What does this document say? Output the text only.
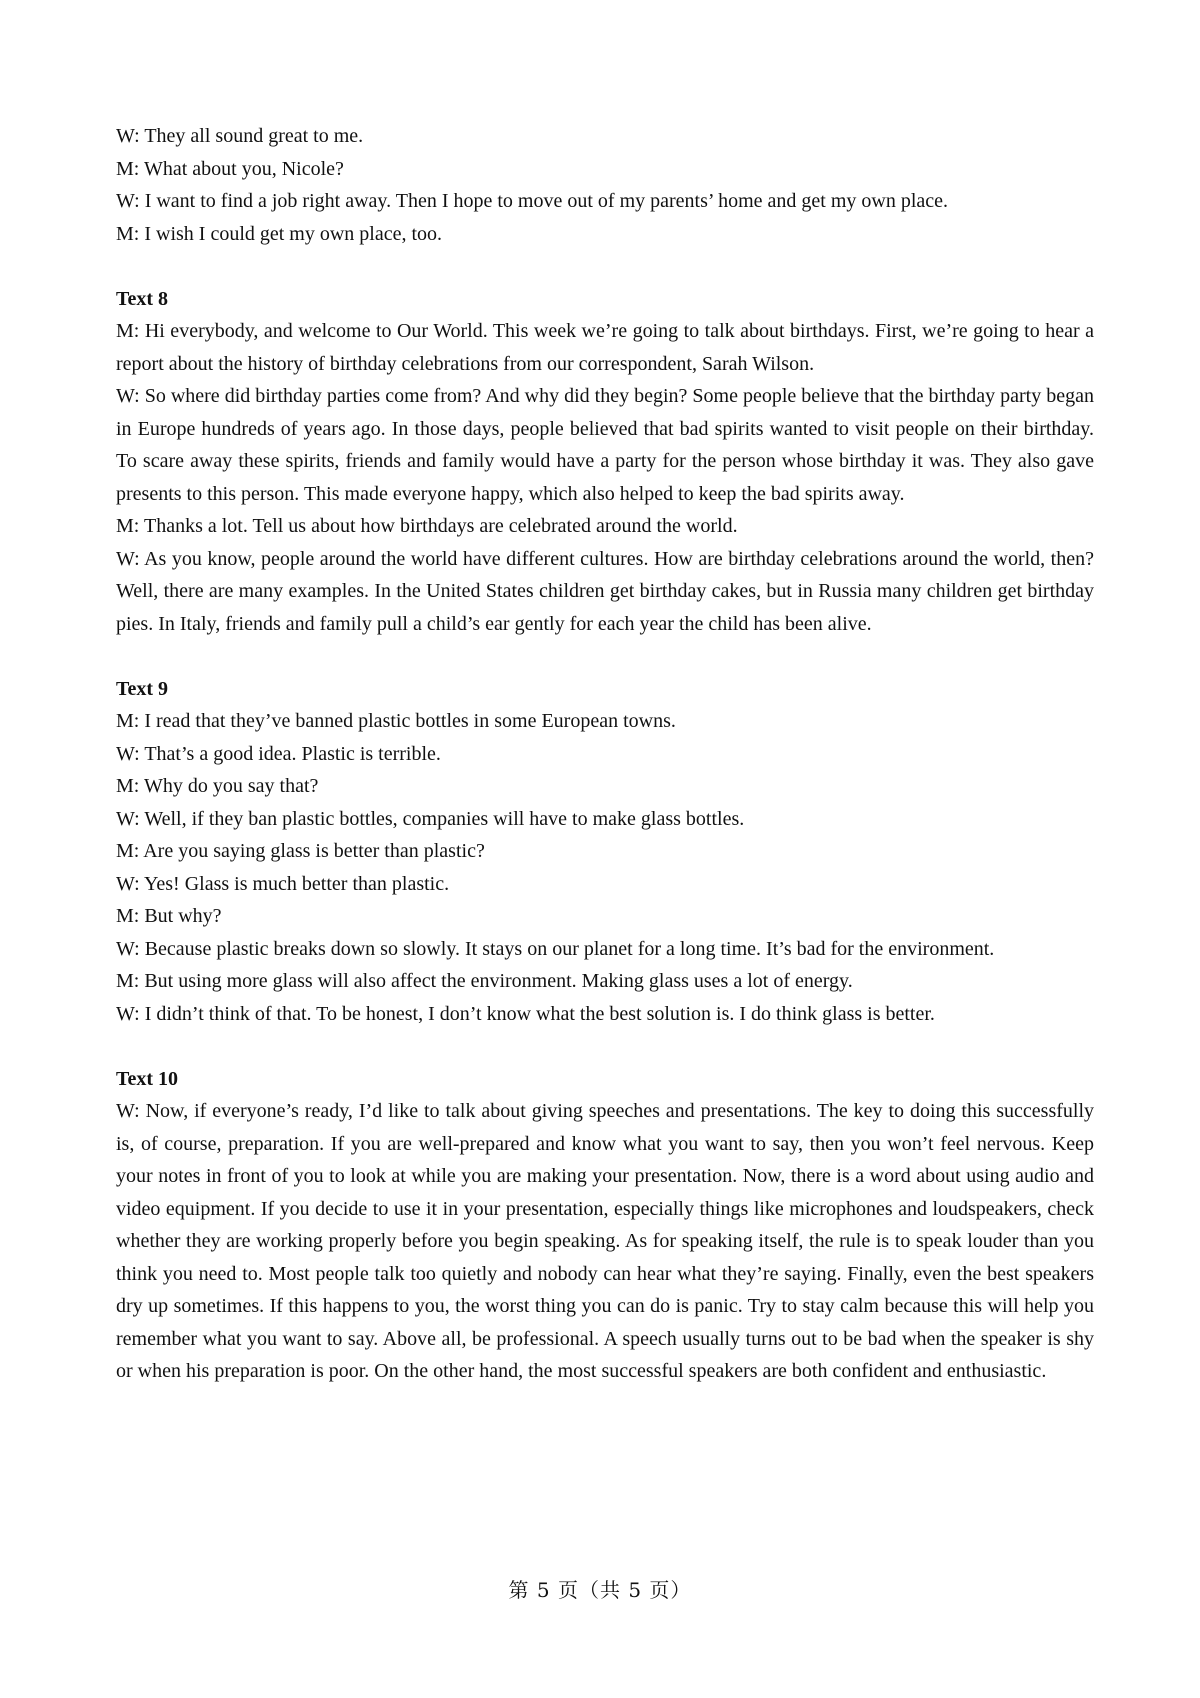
W: They all sound great to me.

M: What about you, Nicole?

W: I want to find a job right away. Then I hope to move out of my parents’ home and get my own place.

M: I wish I could get my own place, too.

Text 8

M: Hi everybody, and welcome to Our World. This week we’re going to talk about birthdays. First, we’re going to hear a report about the history of birthday celebrations from our correspondent, Sarah Wilson.

W: So where did birthday parties come from? And why did they begin? Some people believe that the birthday party began in Europe hundreds of years ago. In those days, people believed that bad spirits wanted to visit people on their birthday. To scare away these spirits, friends and family would have a party for the person whose birthday it was. They also gave presents to this person. This made everyone happy, which also helped to keep the bad spirits away.

M: Thanks a lot. Tell us about how birthdays are celebrated around the world.

W: As you know, people around the world have different cultures. How are birthday celebrations around the world, then? Well, there are many examples. In the United States children get birthday cakes, but in Russia many children get birthday pies. In Italy, friends and family pull a child’s ear gently for each year the child has been alive.

Text 9

M: I read that they’ve banned plastic bottles in some European towns.

W: That’s a good idea. Plastic is terrible.

M: Why do you say that?

W: Well, if they ban plastic bottles, companies will have to make glass bottles.

M: Are you saying glass is better than plastic?

W: Yes! Glass is much better than plastic.

M: But why?

W: Because plastic breaks down so slowly. It stays on our planet for a long time. It’s bad for the environment.

M: But using more glass will also affect the environment. Making glass uses a lot of energy.

W: I didn’t think of that. To be honest, I don’t know what the best solution is. I do think glass is better.

Text 10

W: Now, if everyone’s ready, I’d like to talk about giving speeches and presentations. The key to doing this successfully is, of course, preparation. If you are well-prepared and know what you want to say, then you won’t feel nervous. Keep your notes in front of you to look at while you are making your presentation. Now, there is a word about using audio and video equipment. If you decide to use it in your presentation, especially things like microphones and loudspeakers, check whether they are working properly before you begin speaking. As for speaking itself, the rule is to speak louder than you think you need to. Most people talk too quietly and nobody can hear what they’re saying. Finally, even the best speakers dry up sometimes. If this happens to you, the worst thing you can do is panic. Try to stay calm because this will help you remember what you want to say. Above all, be professional. A speech usually turns out to be bad when the speaker is shy or when his preparation is poor. On the other hand, the most successful speakers are both confident and enthusiastic.

第 5 页（共 5 页）
